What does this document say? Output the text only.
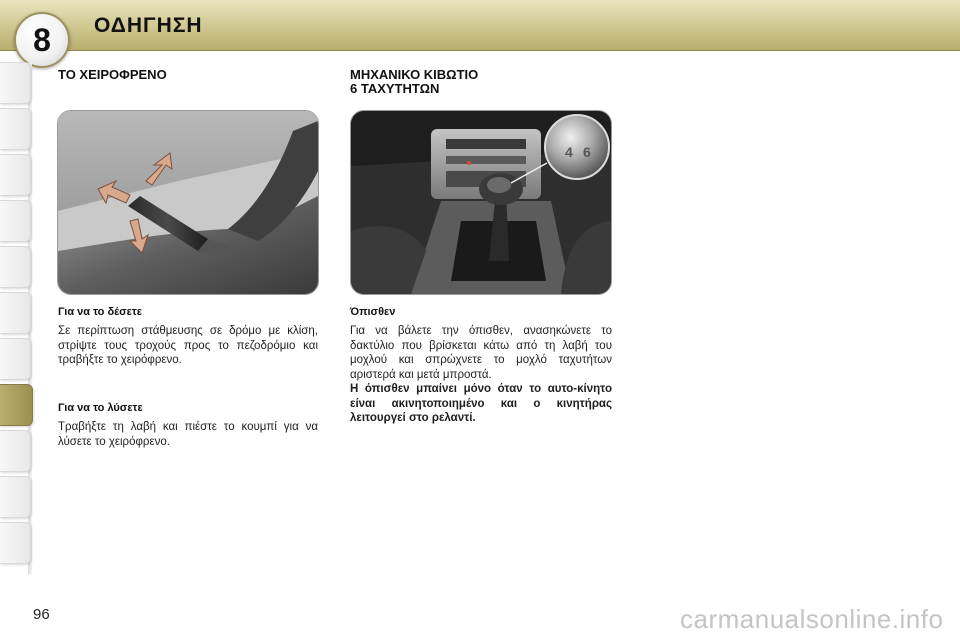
8	ΟΔΗΓΗΣΗ
ΤΟ ΧΕΙΡΟΦΡΕΝΟ
Για να το δέσετε
Σε περίπτωση στάθμευσης σε δρόμο με κλίση, στρίψτε τους τροχούς προς το πεζοδρόμιο και τραβήξτε το χειρόφρενο.
Για να το λύσετε
Τραβήξτε τη λαβή και πιέστε το κουμπί για να λύσετε το χειρόφρενο.
ΜΗΧΑΝΙΚΟ ΚΙΒΩΤΙΟ
6 ΤΑΧΥΤΗΤΩΝ
4 6
Όπισθεν
Για να βάλετε την όπισθεν, ανασηκώνετε το δακτύλιο που βρίσκεται κάτω από τη λαβή του μοχλού και σπρώχνετε το μοχλό ταχυτήτων αριστερά και μετά μπροστά.
Η όπισθεν μπαίνει μόνο όταν το αυτο-κίνητο είναι ακινητοποιημένο και ο κινητήρας λειτουργεί στο ρελαντί.
96	carmanualsonline.info
